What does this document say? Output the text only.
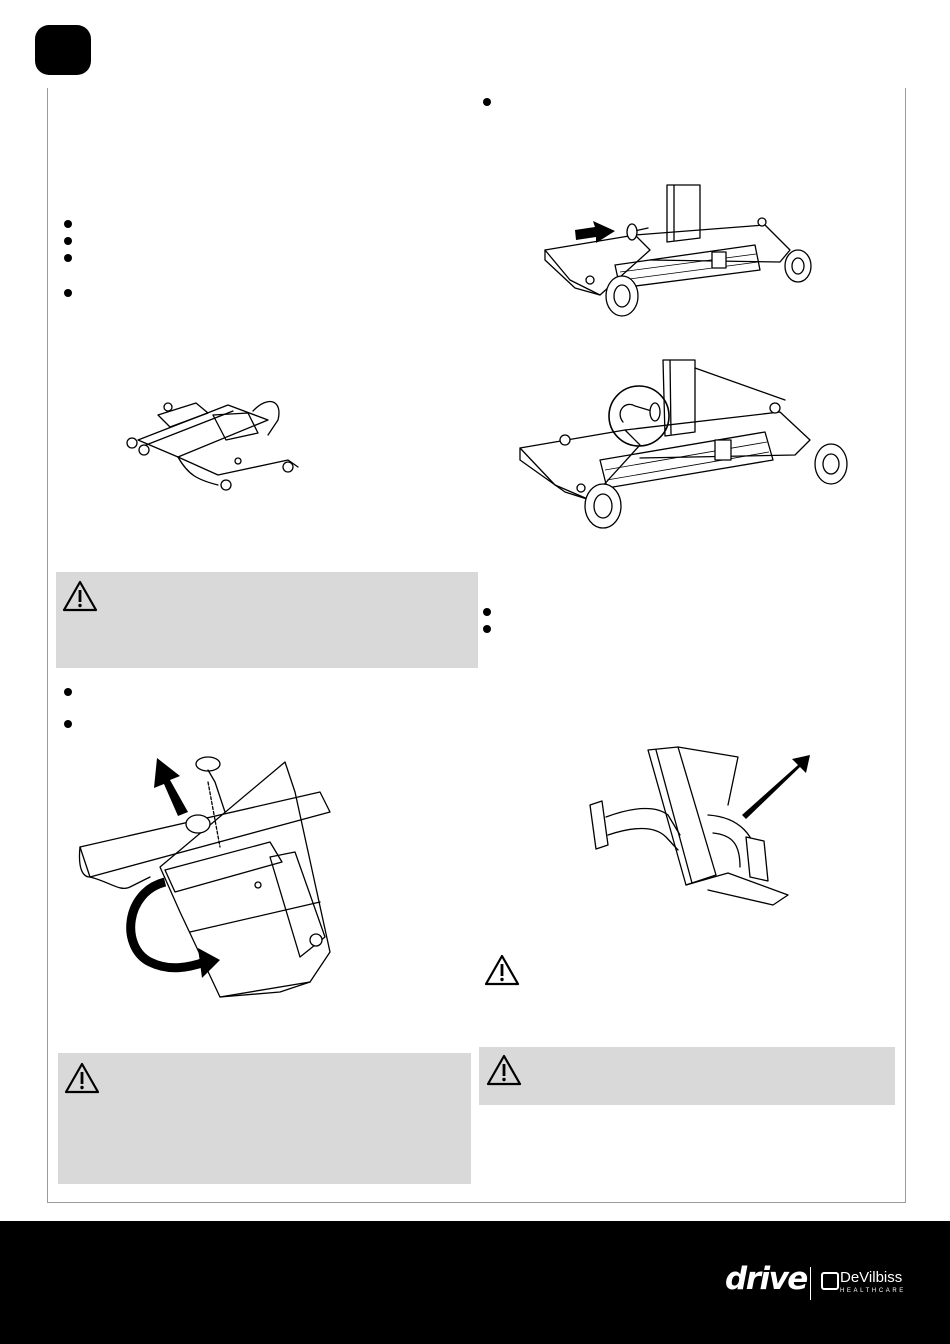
drive DeVilbiss
HEALTHCARE
